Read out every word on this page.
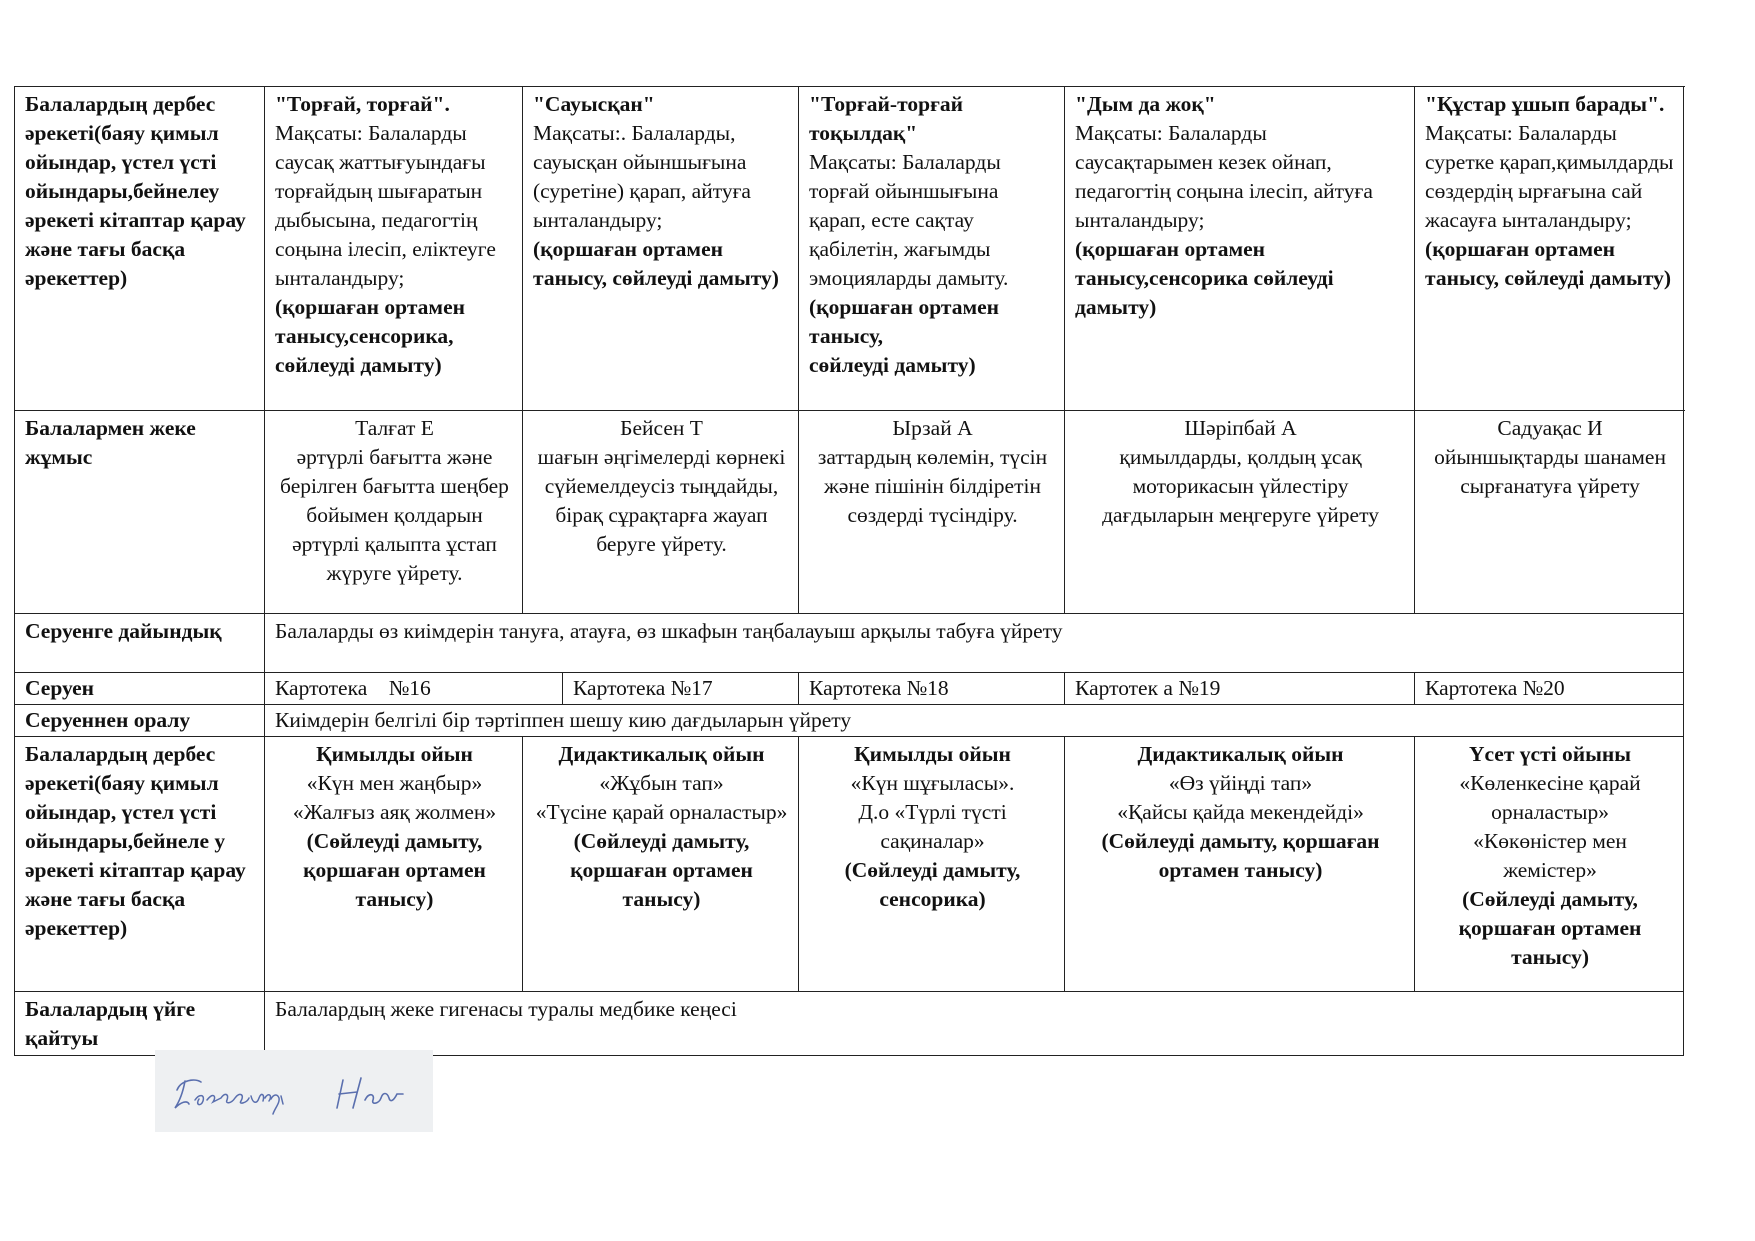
Балалардың дербес әрекеті(баяу қимыл ойындар, үстел үсті ойындары,бейнелеу әрекеті кітаптар қарау және тағы басқа әрекеттер)	"Торғай, торғай".
Мақсаты: Балаларды саусақ жаттығуындағы торғайдың шығаратын дыбысына, педагогтің соңына ілесіп, еліктеуге ынталандыру;
(қоршаған ортамен танысу,сенсорика, сөйлеуді дамыту)	"Сауысқан"
Мақсаты:. Балаларды, сауысқан ойыншығына (суретіне) қарап, айтуға ынталандыру;
(қоршаған ортамен танысу, сөйлеуді дамыту)		"Торғай-торғай тоқылдақ"
Мақсаты: Балаларды торғай ойыншығына қарап, есте сақтау қабілетін, жағымды эмоцияларды дамыту.
(қоршаған ортамен танысу,
сөйлеуді дамыту)	"Дым да жоқ"
Мақсаты: Балаларды саусақтарымен кезек ойнап, педагогтің соңына ілесіп, айтуға ынталандыру;
(қоршаған ортамен танысу,сенсорика сөйлеуді дамыту)	"Құстар ұшып барады".
Мақсаты: Балаларды суретке қарап,қимылдарды сөздердің ырғағына сай жасауға ынталандыру;
(қоршаған ортамен танысу, сөйлеуді дамыту)

Балалармен жеке жұмыс	Талғат Е
әртүрлі бағытта және берілген бағытта шеңбер бойымен қолдарын әртүрлі қалыпта ұстап жүруге үйрету.	Бейсен Т
шағын әңгімелерді көрнекі сүйемелдеусіз тыңдайды, бірақ сұрақтарға жауап беруге үйрету.		Ырзай А
заттардың көлемін, түсін және пішінін білдіретін сөздерді түсіндіру.	Шәріпбай А
қимылдарды, қолдың ұсақ моторикасын үйлестіру дағдыларын меңгеруге үйрету	Садуақас И
ойыншықтарды шанамен сырғанатуға үйрету

Серуенге дайындық	Балаларды өз киімдерін тануға, атауға, өз шкафын таңбалауыш арқылы табуға үйрету					
Серуен	Картотека    №16		Картотека №17	Картотека №18	Картотек а №19	Картотека №20
Серуеннен оралу	Киімдерін белгілі бір тәртіппен шешу кию дағдыларын үйрету					
Балалардың дербес әрекеті(баяу қимыл ойындар, үстел үсті ойындары,бейнеле у әрекеті кітаптар қарау және тағы басқа әрекеттер)	Қимылды ойын
«Күн мен жаңбыр»
«Жалғыз аяқ жолмен»
(Сөйлеуді дамыту, қоршаған ортамен танысу)	Дидактикалық ойын
«Жұбын тап»
«Түсіне қарай орналастыр»
(Сөйлеуді дамыту, қоршаған ортамен танысу)		Қимылды ойын
«Күн шұғыласы».
Д.о «Түрлі түсті сақиналар»
(Сөйлеуді дамыту, сенсорика)	Дидактикалық ойын
«Өз үйіңді тап»
«Қайсы қайда мекендейді»
(Сөйлеуді дамыту, қоршаған ортамен танысу)	Үсет үсті ойыны
«Көленкесіне қарай орналастыр»
«Көкөністер мен жемістер»
(Сөйлеуді дамыту, қоршаған ортамен танысу)

Балалардың үйге қайтуы	Балалардың жеке гигенасы туралы медбике кеңесі					
